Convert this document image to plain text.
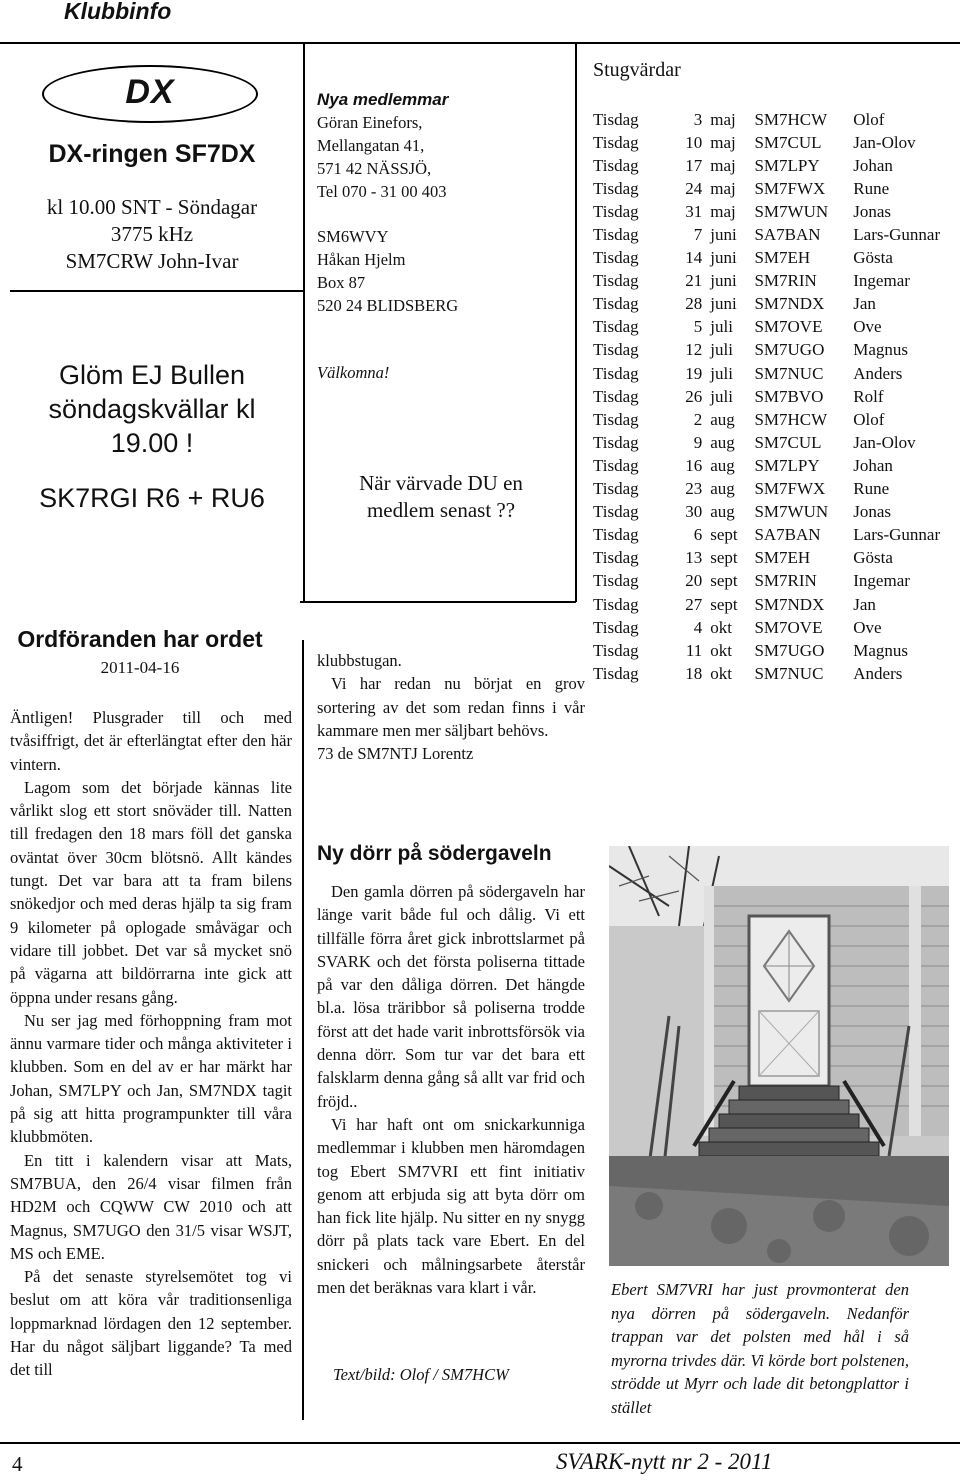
Klubbinfo
DX
DX-ringen SF7DX
kl 10.00 SNT - Söndagar
3775 kHz
SM7CRW John-Ivar
Glöm EJ Bullen
söndagskvällar kl
19.00 !
SK7RGI R6 + RU6
Ordföranden har ordet
2011-04-16

Äntligen! Plusgrader till och med tvåsiffrigt, det är efterlängtat efter den här vintern.

Lagom som det började kännas lite vårlikt slog ett stort snöväder till. Natten till fredagen den 18 mars föll det ganska oväntat över 30cm blötsnö. Allt kändes tungt. Det var bara att ta fram bilens snökedjor och med deras hjälp ta sig fram 9 kilometer på oplogade småvägar och vidare till jobbet. Det var så mycket snö på vägarna att bildörrarna inte gick att öppna under resans gång.

Nu ser jag med förhoppning fram mot ännu varmare tider och många aktiviteter i klubben. Som en del av er har märkt har Johan, SM7LPY och Jan, SM7NDX tagit på sig att hitta programpunkter till våra klubbmöten.

En titt i kalendern visar att Mats, SM7BUA, den 26/4 visar filmen från HD2M och CQWW CW 2010 och att Magnus, SM7UGO den 31/5 visar WSJT, MS och EME.

På det senaste styrelsemötet tog vi beslut om att köra vår traditionsenliga loppmarknad lördagen den 12 september. Har du något säljbart liggande? Ta med det till

Nya medlemmar
Göran Einefors,
Mellangatan 41,
571 42 NÄSSJÖ,
Tel 070 - 31 00 403
SM6WVY
Håkan Hjelm
Box 87
520 24 BLIDSBERG
Välkomna!
När värvade DU en
medlem senast ??

klubbstugan.

Vi har redan nu börjat en grov sortering av det som redan finns i vår kammare men mer säljbart behövs.

73 de SM7NTJ Lorentz

Ny dörr på södergaveln

Den gamla dörren på södergaveln har länge varit både ful och dålig. Vi ett tillfälle förra året gick inbrottslarmet på SVARK och det första poliserna tittade på var den dåliga dörren. Det hängde bl.a. lösa träribbor så poliserna trodde först att det hade varit inbrottsförsök via denna dörr. Som tur var det bara ett falsklarm denna gång så allt var frid och fröjd..

Vi har haft ont om snickarkunniga medlemmar i klubben men häromdagen tog Ebert SM7VRI ett fint initiativ genom att erbjuda sig att byta dörr om han fick lite hjälp. Nu sitter en ny snygg dörr på plats tack vare Ebert. En del snickeri och målningsarbete återstår men det beräknas vara klart i vår.

Text/bild: Olof / SM7HCW
Ebert SM7VRI har just provmonterat den nya dörren på södergaveln. Nedanför trappan var det polsten med hål i så myrorna trivdes där. Vi körde bort polstenen, strödde ut Myrr och lade dit betongplattor i stället
Stugvärdar
Tisdag	3	maj	SM7HCW	Olof
Tisdag	10	maj	SM7CUL	Jan-Olov
Tisdag	17	maj	SM7LPY	Johan
Tisdag	24	maj	SM7FWX	Rune
Tisdag	31	maj	SM7WUN	Jonas
Tisdag	7	juni	SA7BAN	Lars-Gunnar
Tisdag	14	juni	SM7EH	Gösta
Tisdag	21	juni	SM7RIN	Ingemar
Tisdag	28	juni	SM7NDX	Jan
Tisdag	5	juli	SM7OVE	Ove
Tisdag	12	juli	SM7UGO	Magnus
Tisdag	19	juli	SM7NUC	Anders
Tisdag	26	juli	SM7BVO	Rolf
Tisdag	2	aug	SM7HCW	Olof
Tisdag	9	aug	SM7CUL	Jan-Olov
Tisdag	16	aug	SM7LPY	Johan
Tisdag	23	aug	SM7FWX	Rune
Tisdag	30	aug	SM7WUN	Jonas
Tisdag	6	sept	SA7BAN	Lars-Gunnar
Tisdag	13	sept	SM7EH	Gösta
Tisdag	20	sept	SM7RIN	Ingemar
Tisdag	27	sept	SM7NDX	Jan
Tisdag	4	okt	SM7OVE	Ove
Tisdag	11	okt	SM7UGO	Magnus
Tisdag	18	okt	SM7NUC	Anders
4	SVARK-nytt nr 2 - 2011
